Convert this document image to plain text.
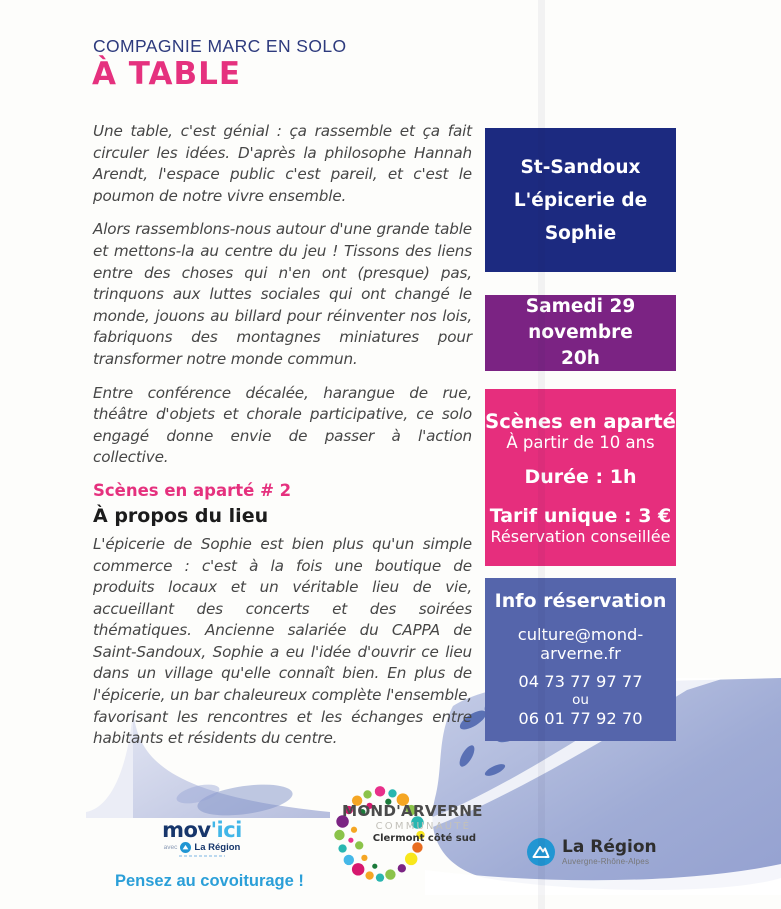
COMPAGNIE MARC EN SOLO
À TABLE

Une table, c'est génial : ça rassemble et ça fait circuler les idées. D'après la philosophe Hannah Arendt, l'espace public c'est pareil, et c'est le poumon de notre vivre ensemble.

Alors rassemblons-nous autour d'une grande table et mettons-la au centre du jeu ! Tissons des liens entre des choses qui n'en ont (presque) pas, trinquons aux luttes sociales qui ont changé le monde, jouons au billard pour réinventer nos lois, fabriquons des montagnes miniatures pour transformer notre monde commun.

Entre conférence décalée, harangue de rue, théâtre d'objets et chorale participative, ce solo engagé donne envie de passer à l'action collective.

Scènes en aparté # 2
À propos du lieu

L'épicerie de Sophie est bien plus qu'un simple commerce : c'est à la fois une boutique de produits locaux et un véritable lieu de vie, accueillant des concerts et des soirées thématiques. Ancienne salariée du CAPPA de Saint-Sandoux, Sophie a eu l'idée d'ouvrir ce lieu dans un village qu'elle connaît bien. En plus de l'épicerie, un bar chaleureux complète l'ensemble, favorisant les rencontres et les échanges entre habitants et résidents du centre.

St-Sandoux
L'épicerie de Sophie
Samedi 29 novembre
20h
Scènes en aparté
À partir de 10 ans
Durée : 1h
Tarif unique : 3 €
Réservation conseillée
Info réservation
culture@mond-arverne.fr
04 73 77 97 77
ou
06 01 77 92 70
mov'ici
avec La Région
Pensez au covoiturage !
MOND'ARVERNE
COMMUNAUTÉ
Clermont côté sud	La Région
Auvergne-Rhône-Alpes
